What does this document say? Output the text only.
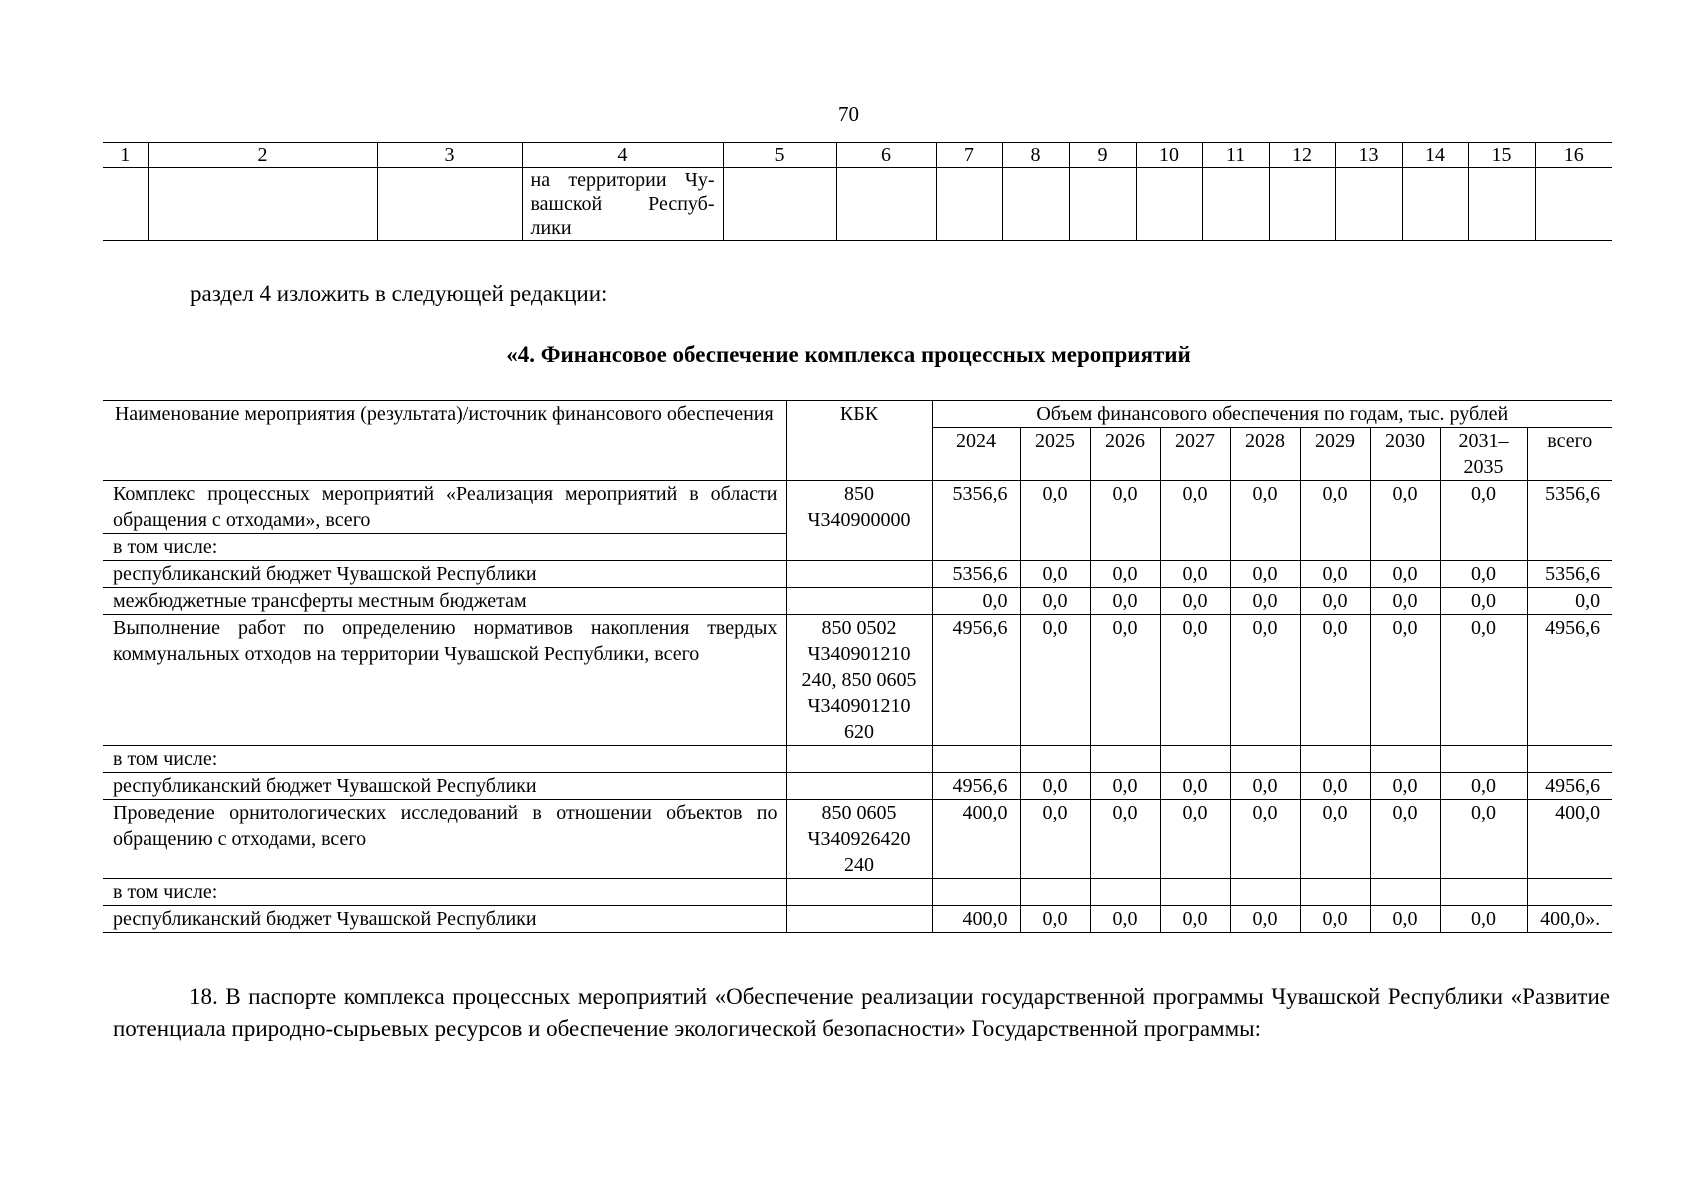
70
1	2	3	4	5	6	7	8	9	10	11	12	13	14	15	16

			на территории Чу-
вашской Респуб-
лики												

раздел 4 изложить в следующей редакции:
«4. Финансовое обеспечение комплекса процессных мероприятий
Наименование мероприятия (результата)/источник финансового обеспечения	КБК	Объем финансового обеспечения по годам, тыс. рублей								
		2024	2025	2026	2027	2028	2029	2030	2031–2035	всего
Комплекс процессных мероприятий «Реализация мероприятий в области обращения с отходами», всего	850 Ч340900000	5356,6	0,0	0,0	0,0	0,0	0,0	0,0	0,0	5356,6
в том числе:										
республиканский бюджет Чувашской Республики		5356,6	0,0	0,0	0,0	0,0	0,0	0,0	0,0	5356,6
межбюджетные трансферты местным бюджетам		0,0	0,0	0,0	0,0	0,0	0,0	0,0	0,0	0,0
Выполнение работ по определению нормативов накопления твердых коммунальных отходов на территории Чувашской Республики, всего	850 0502 Ч340901210 240, 850 0605 Ч340901210 620	4956,6	0,0	0,0	0,0	0,0	0,0	0,0	0,0	4956,6
в том числе:										
республиканский бюджет Чувашской Республики		4956,6	0,0	0,0	0,0	0,0	0,0	0,0	0,0	4956,6
Проведение орнитологических исследований в отношении объектов по обращению с отходами, всего	850 0605 Ч340926420 240	400,0	0,0	0,0	0,0	0,0	0,0	0,0	0,0	400,0
в том числе:										
республиканский бюджет Чувашской Республики		400,0	0,0	0,0	0,0	0,0	0,0	0,0	0,0	400,0».

18. В паспорте комплекса процессных мероприятий «Обеспечение реализации государственной программы Чувашской Республики «Развитие потенциала природно-сырьевых ресурсов и обеспечение экологической безопасности» Государственной программы:
